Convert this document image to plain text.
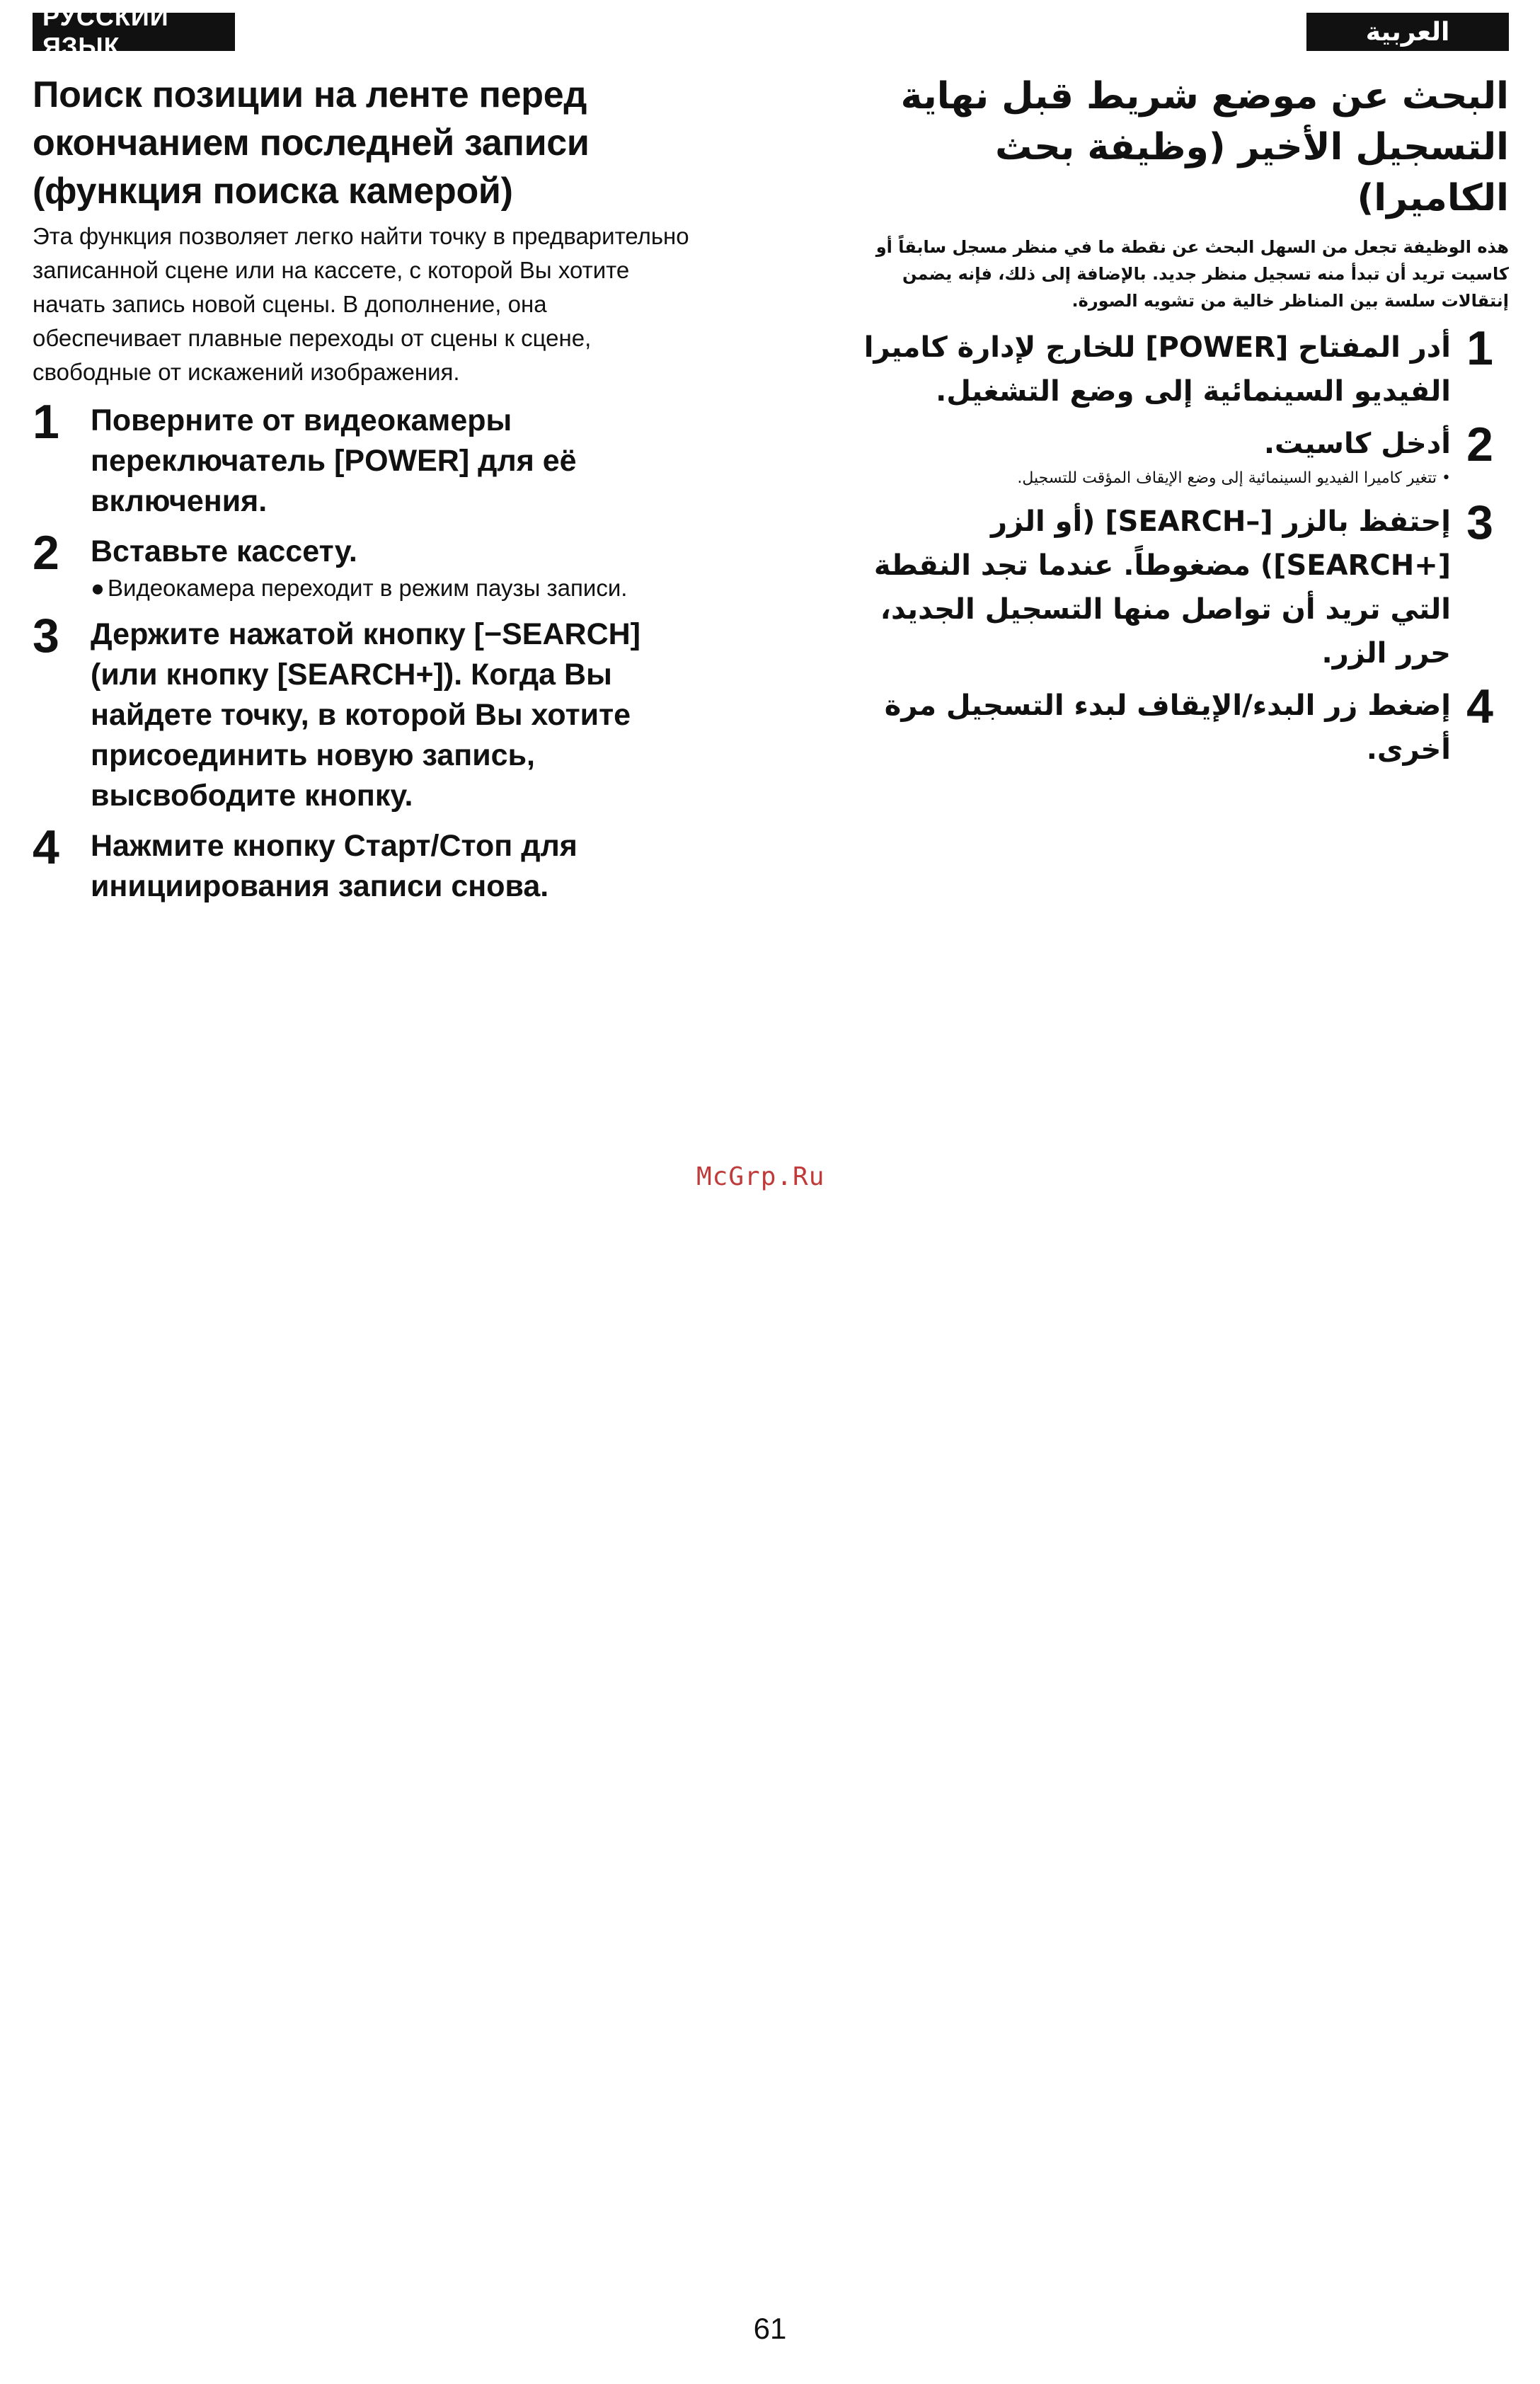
РУССКИЙ ЯЗЫК	العربية
Поиск позиции на ленте перед окончанием последней записи (функция поиска камерой)

Эта функция позволяет легко найти точку в предварительно записанной сцене или на кассете, с которой Вы хотите начать запись новой сцены. В дополнение, она обеспечивает плавные переходы от сцены к сцене, свободные от искажений изображения.

1	Поверните от видеокамеры переключатель [POWER] для её включения.
2	Вставьте кассету.
● Видеокамера переходит в режим паузы записи.
3	Держите нажатой кнопку [−SEARCH] (или кнопку [SEARCH+]). Когда Вы найдете точку, в которой Вы хотите присоединить новую запись, высвободите кнопку.
4	Нажмите кнопку Старт/Стоп для инициирования записи снова.
البحث عن موضع شريط قبل نهاية التسجيل الأخير (وظيفة بحث الكاميرا)

هذه الوظيفة تجعل من السهل البحث عن نقطة ما في منظر مسجل سابقاً أو كاسيت تريد أن تبدأ منه تسجيل منظر جديد. بالإضافة إلى ذلك، فإنه يضمن إنتقالات سلسة بين المناظر خالية من تشويه الصورة.

1
أدر المفتاح [POWER] للخارج لإدارة كاميرا الفيديو السينمائية إلى وضع التشغيل.
2
أدخل كاسيت.
•
تتغير كاميرا الفيديو السينمائية إلى وضع الإيقاف المؤقت للتسجيل.
3
إحتفظ بالزر [–SEARCH] (أو الزر [+SEARCH]) مضغوطاً. عندما تجد النقطة التي تريد أن تواصل منها التسجيل الجديد، حرر الزر.
4
إضغط زر البدء/الإيقاف لبدء التسجيل مرة أخرى.
McGrp.Ru
61
